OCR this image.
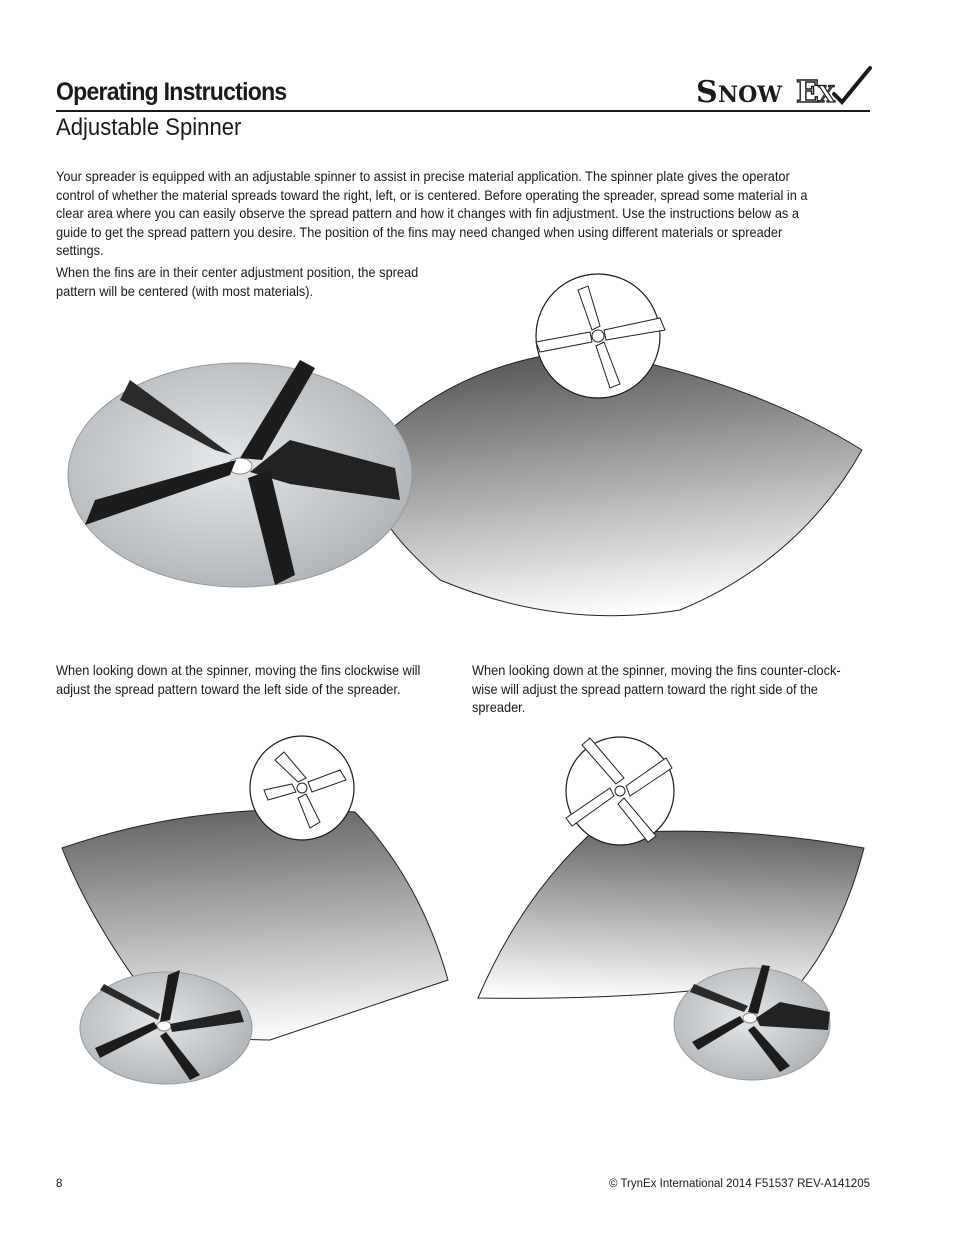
Operating Instructions	S NOW E X
Adjustable Spinner

Your spreader is equipped with an adjustable spinner to assist in precise material application. The spinner plate gives the operator control of whether the material spreads toward the right, left, or is centered. Before operating the spreader, spread some material in a clear area where you can easily observe the spread pattern and how it changes with fin adjustment. Use the instructions below as a guide to get the spread pattern you desire. The position of the fins may need changed when using different materials or spreader settings.

When the fins are in their center adjustment position, the spread pattern will be centered (with most materials).

When looking down at the spinner, moving the fins clockwise will adjust the spread pattern toward the left side of the spreader.

When looking down at the spinner, moving the fins counter-clock-wise will adjust the spread pattern toward the right side of the spreader.

8	© TrynEx International 2014 F51537 REV-A141205
